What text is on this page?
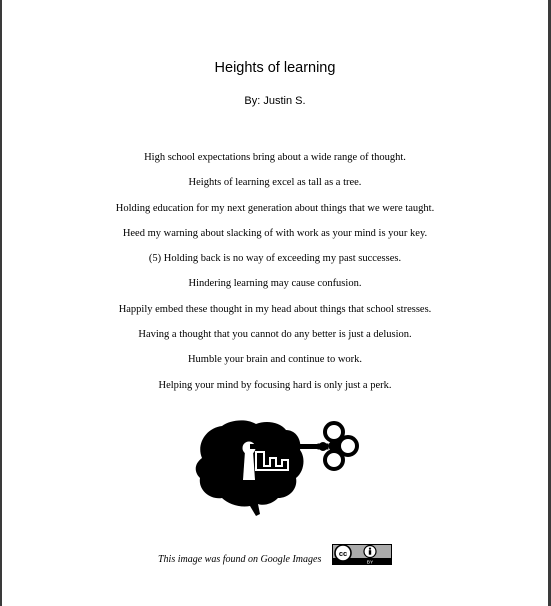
Heights of learning
By: Justin S.
High school expectations bring about a wide range of thought.
Heights of learning excel as tall as a tree.
Holding education for my next generation about things that we were taught.
Heed my warning about slacking of with work as your mind is your key.
(5) Holding back is no way of exceeding my past successes.
Hindering learning may cause confusion.
Happily embed these thought in my head about things that school stresses.
Having a thought that you cannot do any better is just a delusion.
Humble your brain and continue to work.
Helping your mind by focusing hard is only just a perk.
This image was found on Google Images
cc
BY
